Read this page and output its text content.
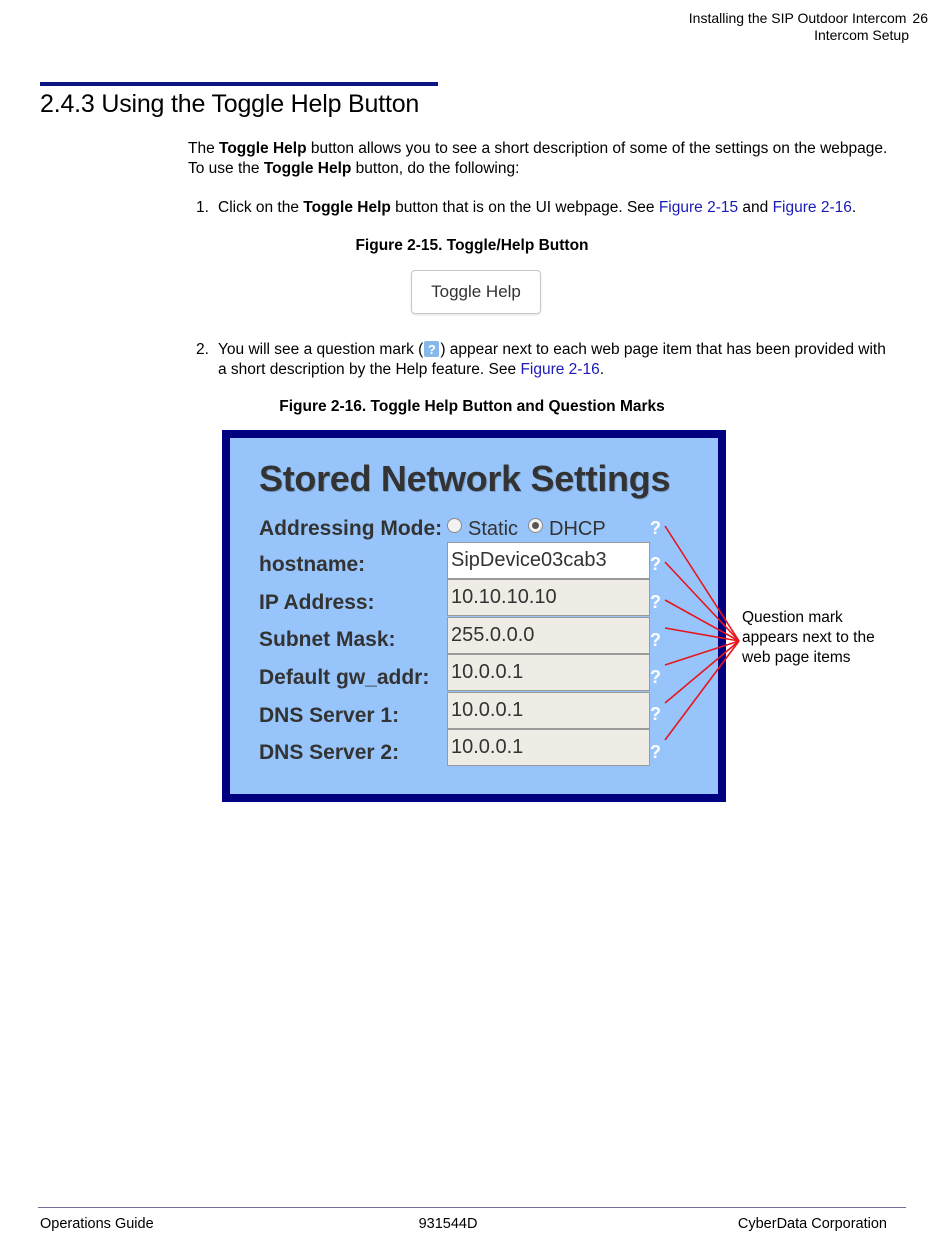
Installing the SIP Outdoor Intercom 26
Intercom Setup
2.4.3 Using the Toggle Help Button
The Toggle Help button allows you to see a short description of some of the settings on the webpage. To use the Toggle Help button, do the following:
1. Click on the Toggle Help button that is on the UI webpage. See Figure 2-15 and Figure 2-16.
Figure 2-15. Toggle/Help Button
Toggle Help
2. You will see a question mark (? ) appear next to each web page item that has been provided with a short description by the Help feature. See Figure 2-16.
Figure 2-16. Toggle Help Button and Question Marks
Stored Network Settings
Addressing Mode:	Static DHCP	?
hostname:	SipDevice03cab3	?
IP Address:	10.10.10.10	?
Subnet Mask:	255.0.0.0	?
Default gw_addr: 10.0.0.1	?
DNS Server 1:	10.0.0.1	?
DNS Server 2:	10.0.0.1	?
Question mark appears next to the web page items
Operations Guide	931544D	CyberData Corporation
